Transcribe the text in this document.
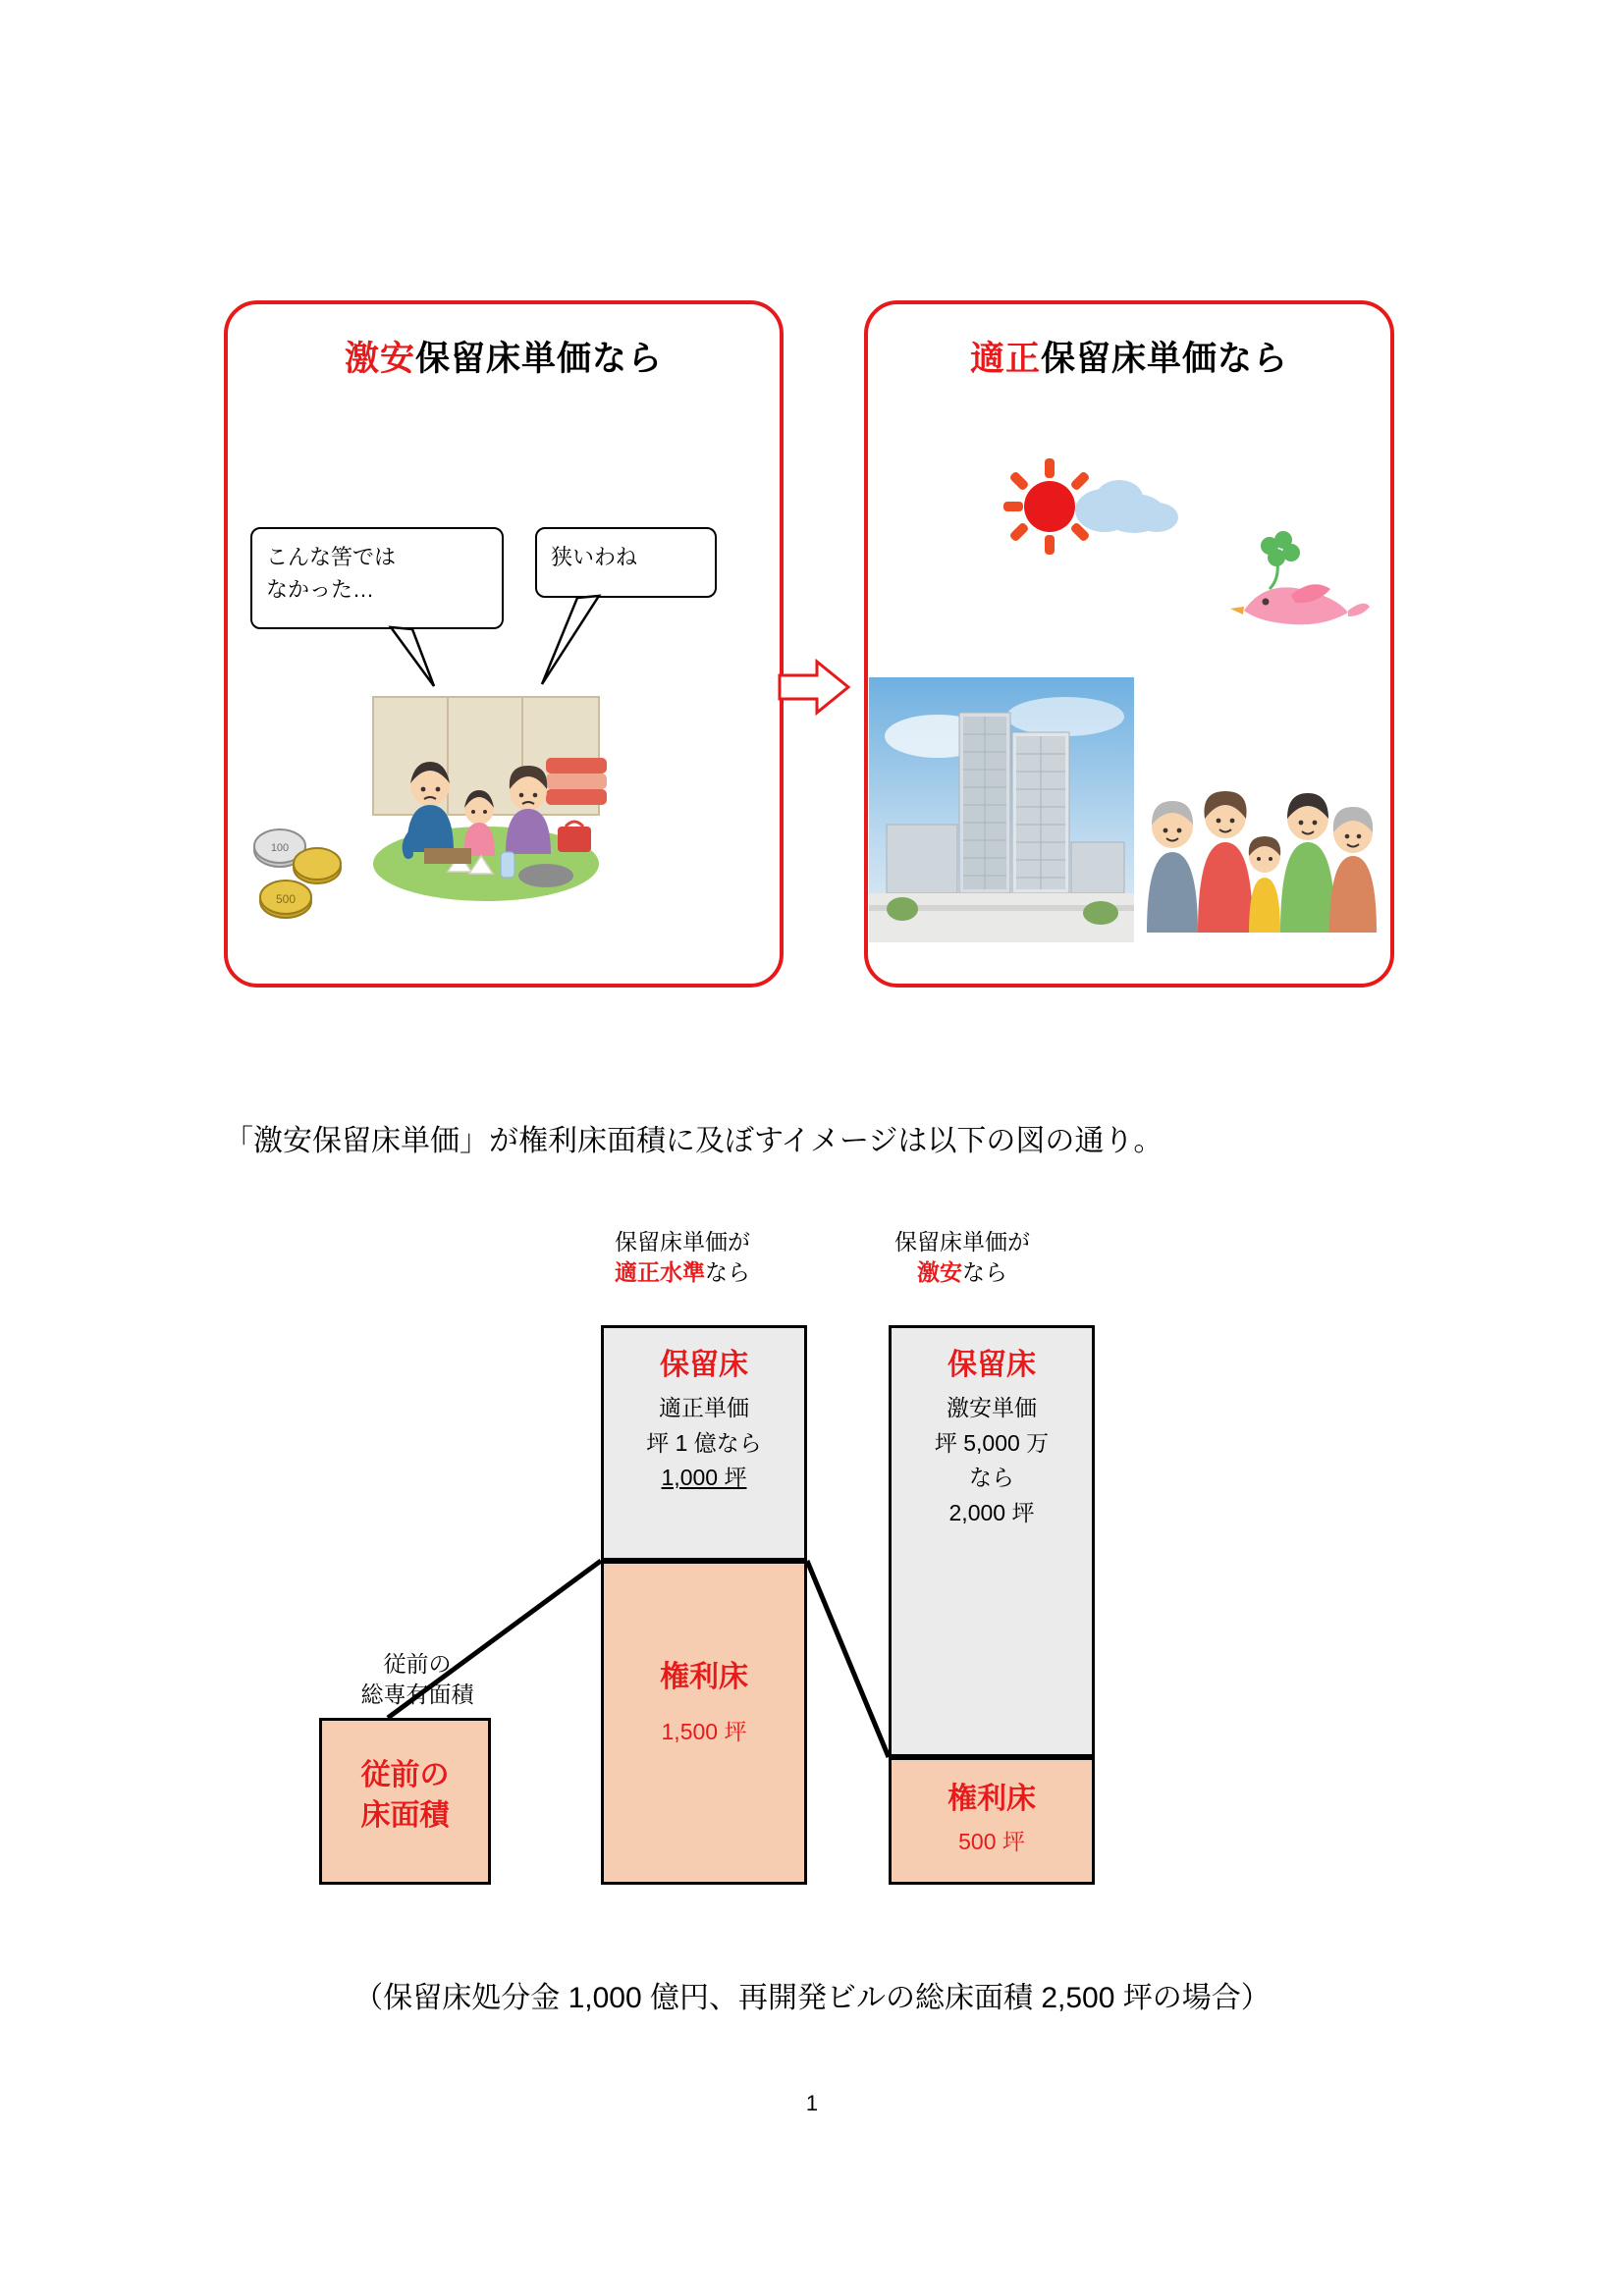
激安保留床単価なら
こんな筈では
なかった…
狭いわね
100
500
適正保留床単価なら
「激安保留床単価」が権利床面積に及ぼすイメージは以下の図の通り。
保留床単価が
適正水準なら
保留床単価が
激安なら
従前の
総専有面積
従前の
床面積
保留床
適正単価
坪 1 億なら
1,000 坪
権利床
1,500 坪
保留床
激安単価
坪 5,000 万
なら
2,000 坪
権利床
500 坪
（保留床処分金 1,000 億円、再開発ビルの総床面積 2,500 坪の場合）
1
